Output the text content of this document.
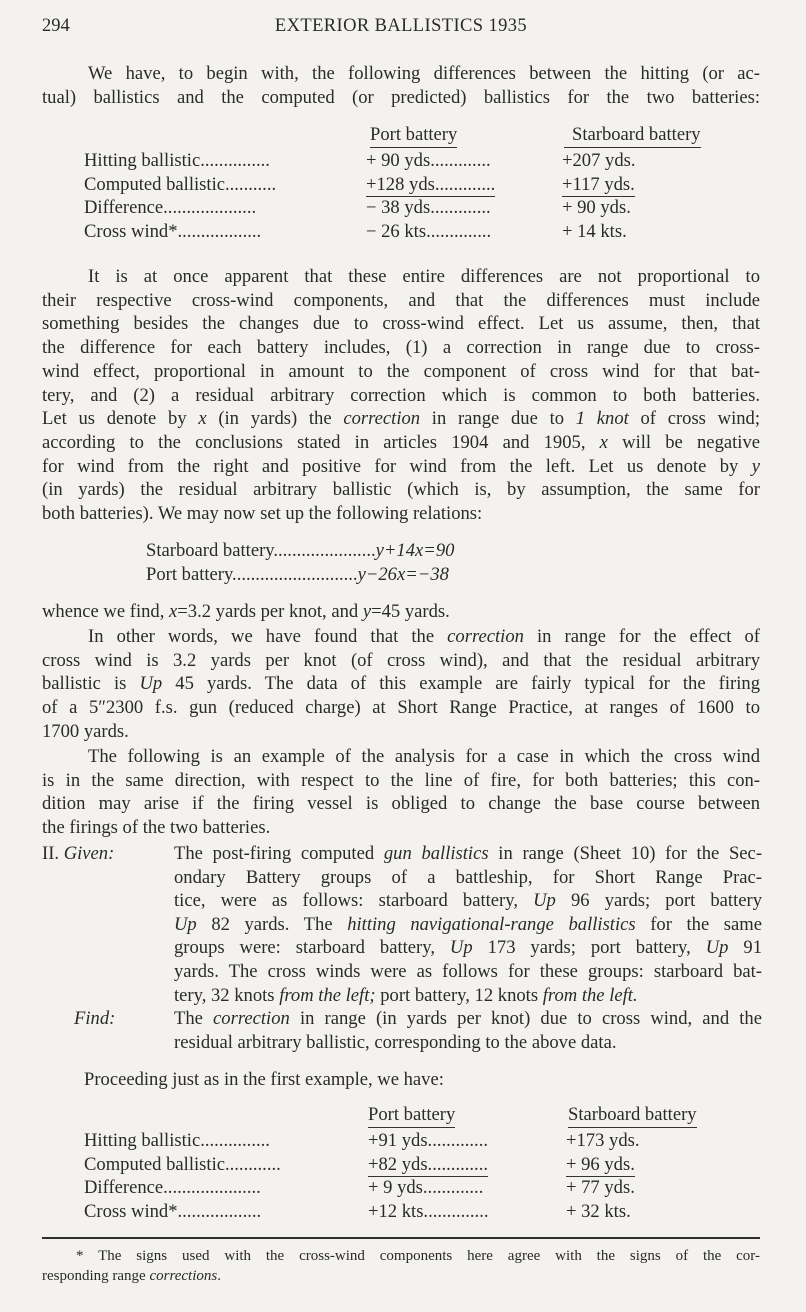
294	EXTERIOR BALLISTICS 1935

We have, to begin with, the following differences between the hitting (or ac-
tual) ballistics and the computed (or predicted) ballistics for the two batteries:

Port battery	Starboard battery
Hitting ballistic...............	+ 90 yds.............	+207 yds.
Computed ballistic...........	+128 yds.............	+117 yds.
Difference....................	− 38 yds.............	+ 90 yds.
Cross wind*..................	− 26 kts..............	+ 14 kts.

It is at once apparent that these entire differences are not proportional to
their respective cross-wind components, and that the differences must include
something besides the changes due to cross-wind effect. Let us assume, then, that
the difference for each battery includes, (1) a correction in range due to cross-
wind effect, proportional in amount to the component of cross wind for that bat-
tery, and (2) a residual arbitrary correction which is common to both batteries.
Let us denote by x (in yards) the correction in range due to 1 knot of cross wind;
according to the conclusions stated in articles 1904 and 1905, x will be negative
for wind from the right and positive for wind from the left. Let us denote by y
(in yards) the residual arbitrary ballistic (which is, by assumption, the same for
both batteries). We may now set up the following relations:

Starboard battery......................y+14x=90
Port battery...........................y−26x=−38

whence we find, x=3.2 yards per knot, and y=45 yards.

In other words, we have found that the correction in range for the effect of
cross wind is 3.2 yards per knot (of cross wind), and that the residual arbitrary
ballistic is Up 45 yards. The data of this example are fairly typical for the firing
of a 5″2300 f.s. gun (reduced charge) at Short Range Practice, at ranges of 1600 to
1700 yards.

The following is an example of the analysis for a case in which the cross wind
is in the same direction, with respect to the line of fire, for both batteries; this con-
dition may arise if the firing vessel is obliged to change the base course between
the firings of the two batteries.

II. Given:	The post-firing computed gun ballistics in range (Sheet 10) for the Sec-
ondary Battery groups of a battleship, for Short Range Prac-
tice, were as follows: starboard battery, Up 96 yards; port battery
Up 82 yards. The hitting navigational-range ballistics for the same
groups were: starboard battery, Up 173 yards; port battery, Up 91
yards. The cross winds were as follows for these groups: starboard bat-
tery, 32 knots from the left; port battery, 12 knots from the left.
Find:	The correction in range (in yards per knot) due to cross wind, and the
residual arbitrary ballistic, corresponding to the above data.

Proceeding just as in the first example, we have:

Port battery	Starboard battery
Hitting ballistic...............	+91 yds.............	+173 yds.
Computed ballistic............	+82 yds.............	+ 96 yds.
Difference.....................	+ 9 yds.............	+ 77 yds.
Cross wind*..................	+12 kts..............	+ 32 kts.
* The signs used with the cross-wind components here agree with the signs of the cor-
responding range corrections.
